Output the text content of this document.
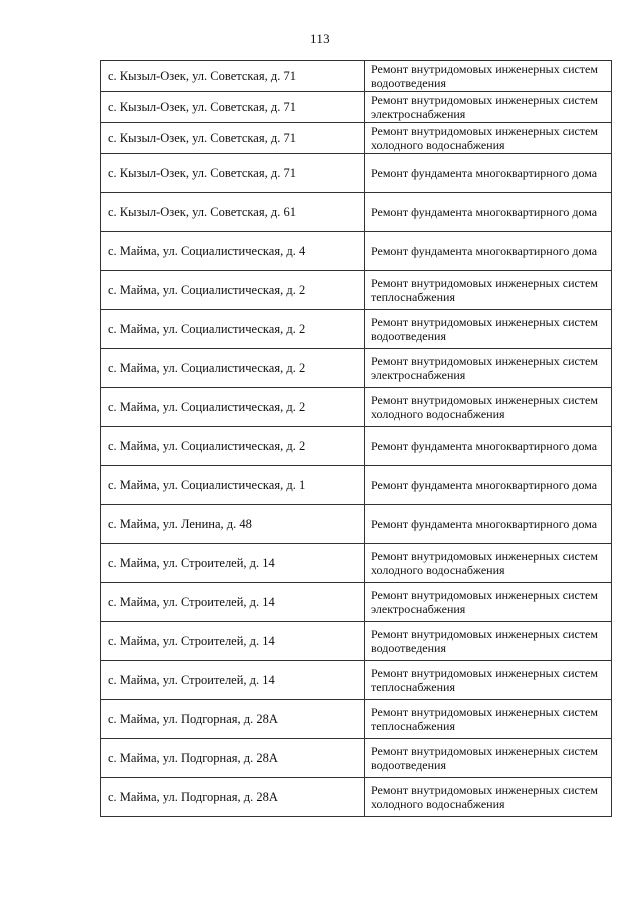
113
с. Кызыл-Озек, ул. Советская, д. 71	Ремонт внутридомовых инженерных систем водоотведения
с. Кызыл-Озек, ул. Советская, д. 71	Ремонт внутридомовых инженерных систем электроснабжения
с. Кызыл-Озек, ул. Советская, д. 71	Ремонт внутридомовых инженерных систем холодного водоснабжения
с. Кызыл-Озек, ул. Советская, д. 71	Ремонт фундамента многоквартирного дома
с. Кызыл-Озек, ул. Советская, д. 61	Ремонт фундамента многоквартирного дома
с. Майма, ул. Социалистическая, д. 4	Ремонт фундамента многоквартирного дома
с. Майма, ул. Социалистическая, д. 2	Ремонт внутридомовых инженерных систем теплоснабжения
с. Майма, ул. Социалистическая, д. 2	Ремонт внутридомовых инженерных систем водоотведения
с. Майма, ул. Социалистическая, д. 2	Ремонт внутридомовых инженерных систем электроснабжения
с. Майма, ул. Социалистическая, д. 2	Ремонт внутридомовых инженерных систем холодного водоснабжения
с. Майма, ул. Социалистическая, д. 2	Ремонт фундамента многоквартирного дома
с. Майма, ул. Социалистическая, д. 1	Ремонт фундамента многоквартирного дома
с. Майма, ул. Ленина, д. 48	Ремонт фундамента многоквартирного дома
с. Майма, ул. Строителей, д. 14	Ремонт внутридомовых инженерных систем холодного водоснабжения
с. Майма, ул. Строителей, д. 14	Ремонт внутридомовых инженерных систем электроснабжения
с. Майма, ул. Строителей, д. 14	Ремонт внутридомовых инженерных систем водоотведения
с. Майма, ул. Строителей, д. 14	Ремонт внутридомовых инженерных систем теплоснабжения
с. Майма, ул. Подгорная, д. 28А	Ремонт внутридомовых инженерных систем теплоснабжения
с. Майма, ул. Подгорная, д. 28А	Ремонт внутридомовых инженерных систем водоотведения
с. Майма, ул. Подгорная, д. 28А	Ремонт внутридомовых инженерных систем холодного водоснабжения
